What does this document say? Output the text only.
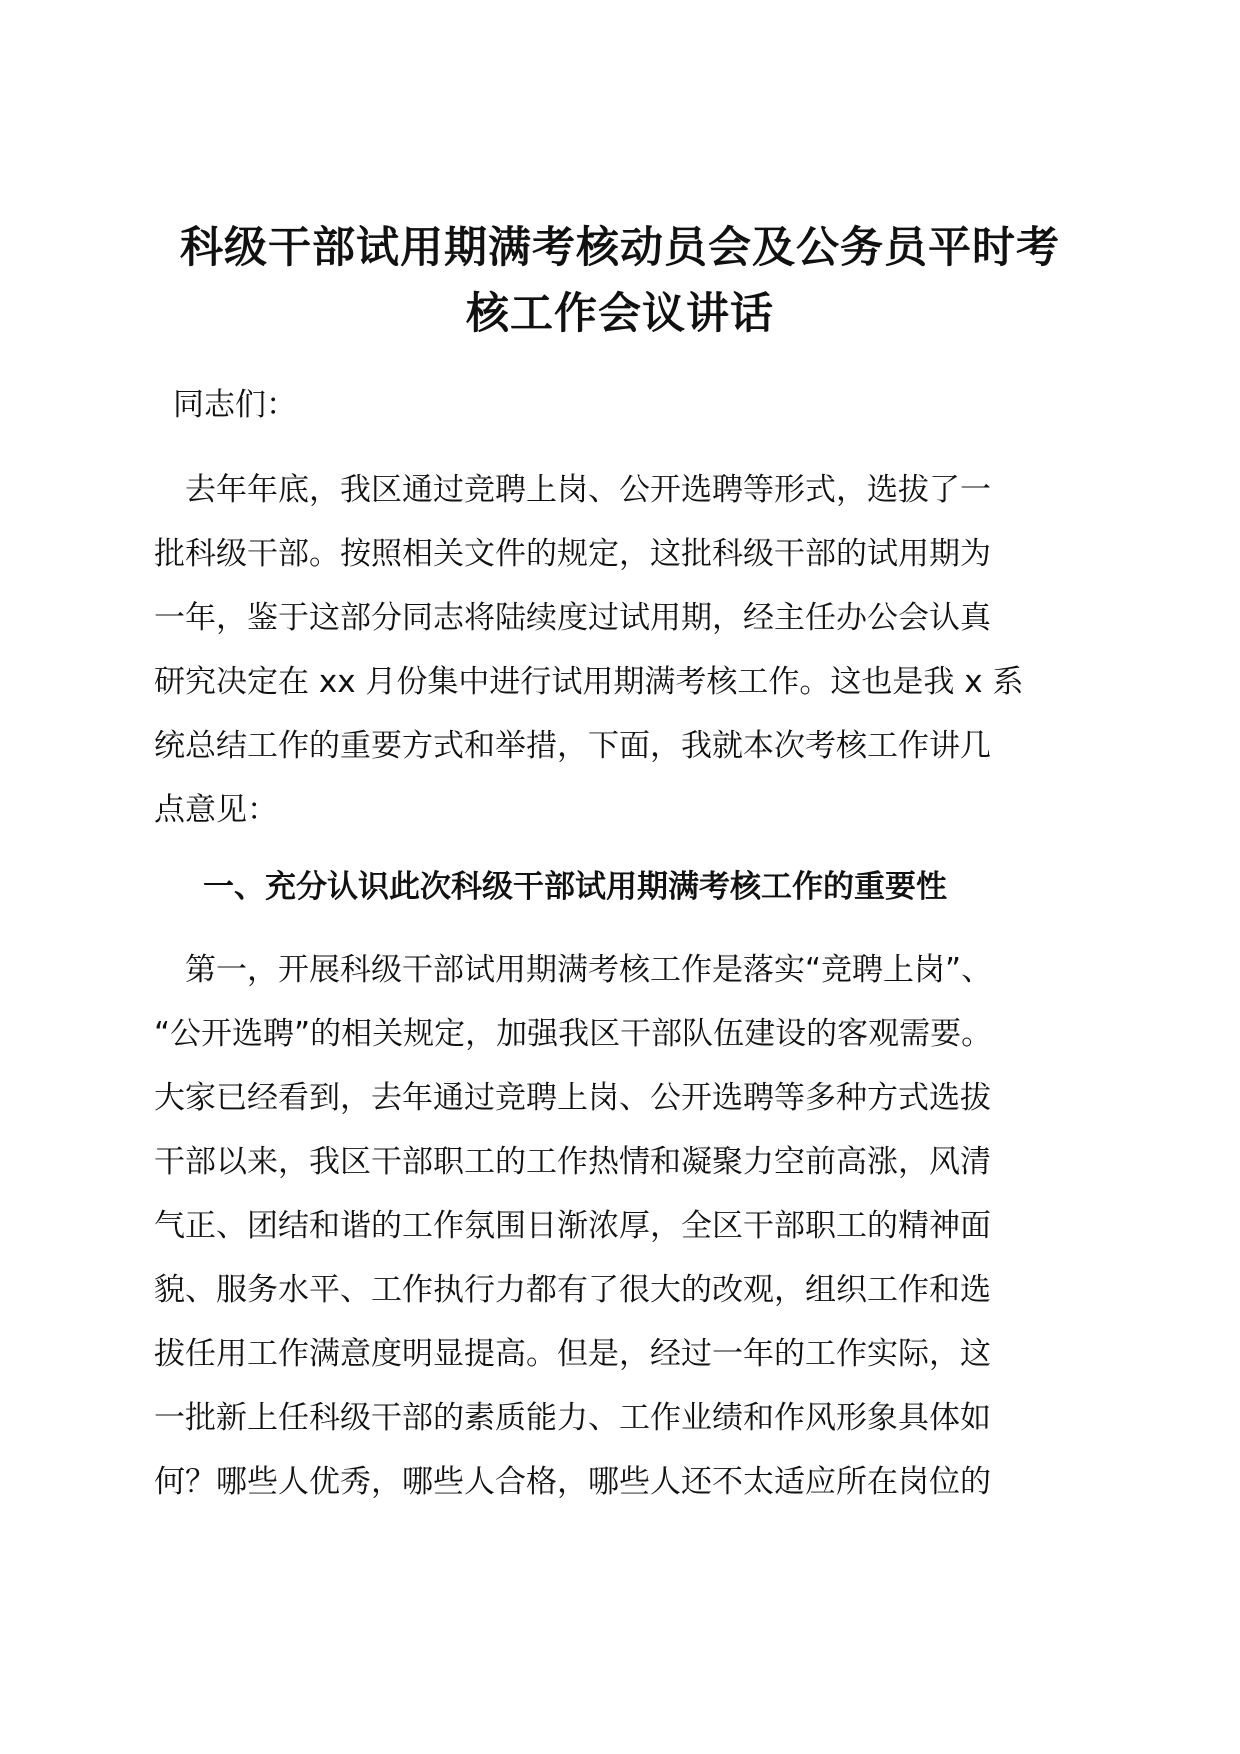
科级干部试用期满考核动员会及公务员平时考
核工作会议讲话

同志们：

　去年年底，我区通过竞聘上岗、公开选聘等形式，选拔了一
批科级干部。按照相关文件的规定，这批科级干部的试用期为
一年，鉴于这部分同志将陆续度过试用期，经主任办公会认真
研究决定在 xx 月份集中进行试用期满考核工作。这也是我 x 系
统总结工作的重要方式和举措，下面，我就本次考核工作讲几
点意见：
一、充分认识此次科级干部试用期满考核工作的重要性
　第一，开展科级干部试用期满考核工作是落实“竞聘上岗”、
“公开选聘”的相关规定，加强我区干部队伍建设的客观需要。
大家已经看到，去年通过竞聘上岗、公开选聘等多种方式选拔
干部以来，我区干部职工的工作热情和凝聚力空前高涨，风清
气正、团结和谐的工作氛围日渐浓厚，全区干部职工的精神面
貌、服务水平、工作执行力都有了很大的改观，组织工作和选
拔任用工作满意度明显提高。但是，经过一年的工作实际，这
一批新上任科级干部的素质能力、工作业绩和作风形象具体如
何？哪些人优秀，哪些人合格，哪些人还不太适应所在岗位的
